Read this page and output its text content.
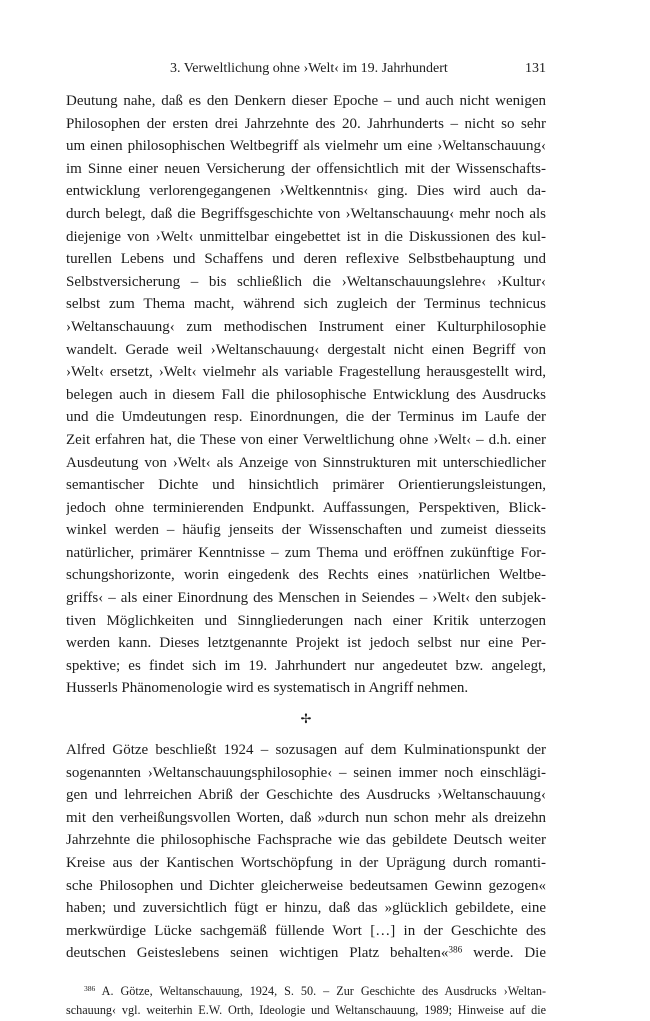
3. Verweltlichung ohne ›Welt‹ im 19. Jahrhundert	131
Deutung nahe, daß es den Denkern dieser Epoche – und auch nicht wenigen
Philosophen der ersten drei Jahrzehnte des 20. Jahrhunderts – nicht so sehr
um einen philosophischen Weltbegriff als vielmehr um eine ›Weltanschauung‹
im Sinne einer neuen Versicherung der offensichtlich mit der Wissenschafts-
entwicklung verlorengegangenen ›Weltkenntnis‹ ging. Dies wird auch da-
durch belegt, daß die Begriffsgeschichte von ›Weltanschauung‹ mehr noch als
diejenige von ›Welt‹ unmittelbar eingebettet ist in die Diskussionen des kul-
turellen Lebens und Schaffens und deren reflexive Selbstbehauptung und
Selbstversicherung – bis schließlich die ›Weltanschauungslehre‹ ›Kultur‹
selbst zum Thema macht, während sich zugleich der Terminus technicus
›Weltanschauung‹ zum methodischen Instrument einer Kulturphilosophie
wandelt. Gerade weil ›Weltanschauung‹ dergestalt nicht einen Begriff von
›Welt‹ ersetzt, ›Welt‹ vielmehr als variable Fragestellung herausgestellt wird,
belegen auch in diesem Fall die philosophische Entwicklung des Ausdrucks
und die Umdeutungen resp. Einordnungen, die der Terminus im Laufe der
Zeit erfahren hat, die These von einer Verweltlichung ohne ›Welt‹ – d.h. einer
Ausdeutung von ›Welt‹ als Anzeige von Sinnstrukturen mit unterschiedlicher
semantischer Dichte und hinsichtlich primärer Orientierungsleistungen,
jedoch ohne terminierenden Endpunkt. Auffassungen, Perspektiven, Blick-
winkel werden – häufig jenseits der Wissenschaften und zumeist diesseits
natürlicher, primärer Kenntnisse – zum Thema und eröffnen zukünftige For-
schungshorizonte, worin eingedenk des Rechts eines ›natürlichen Weltbe-
griffs‹ – als einer Einordnung des Menschen in Seiendes – ›Welt‹ den subjek-
tiven Möglichkeiten und Sinngliederungen nach einer Kritik unterzogen
werden kann. Dieses letztgenannte Projekt ist jedoch selbst nur eine Per-
spektive; es findet sich im 19. Jahrhundert nur angedeutet bzw. angelegt,
Husserls Phänomenologie wird es systematisch in Angriff nehmen.
✢
Alfred Götze beschließt 1924 – sozusagen auf dem Kulminationspunkt der
sogenannten ›Weltanschauungsphilosophie‹ – seinen immer noch einschlägi-
gen und lehrreichen Abriß der Geschichte des Ausdrucks ›Weltanschauung‹
mit den verheißungsvollen Worten, daß »durch nun schon mehr als dreizehn
Jahrzehnte die philosophische Fachsprache wie das gebildete Deutsch weiter
Kreise aus der Kantischen Wortschöpfung in der Uprägung durch romanti-
sche Philosophen und Dichter gleicherweise bedeutsamen Gewinn gezogen«
haben; und zuversichtlich fügt er hinzu, daß das »glücklich gebildete, eine
merkwürdige Lücke sachgemäß füllende Wort […] in der Geschichte des
deutschen Geisteslebens seinen wichtigen Platz behalten«$^{386}$ werde. Die
$^{386}$ A. Götze, Weltanschauung, 1924, S. 50. – Zur Geschichte des Ausdrucks ›Weltan-
schauung‹ vgl. weiterhin E.W. Orth, Ideologie und Weltanschauung, 1989; Hinweise auf die
